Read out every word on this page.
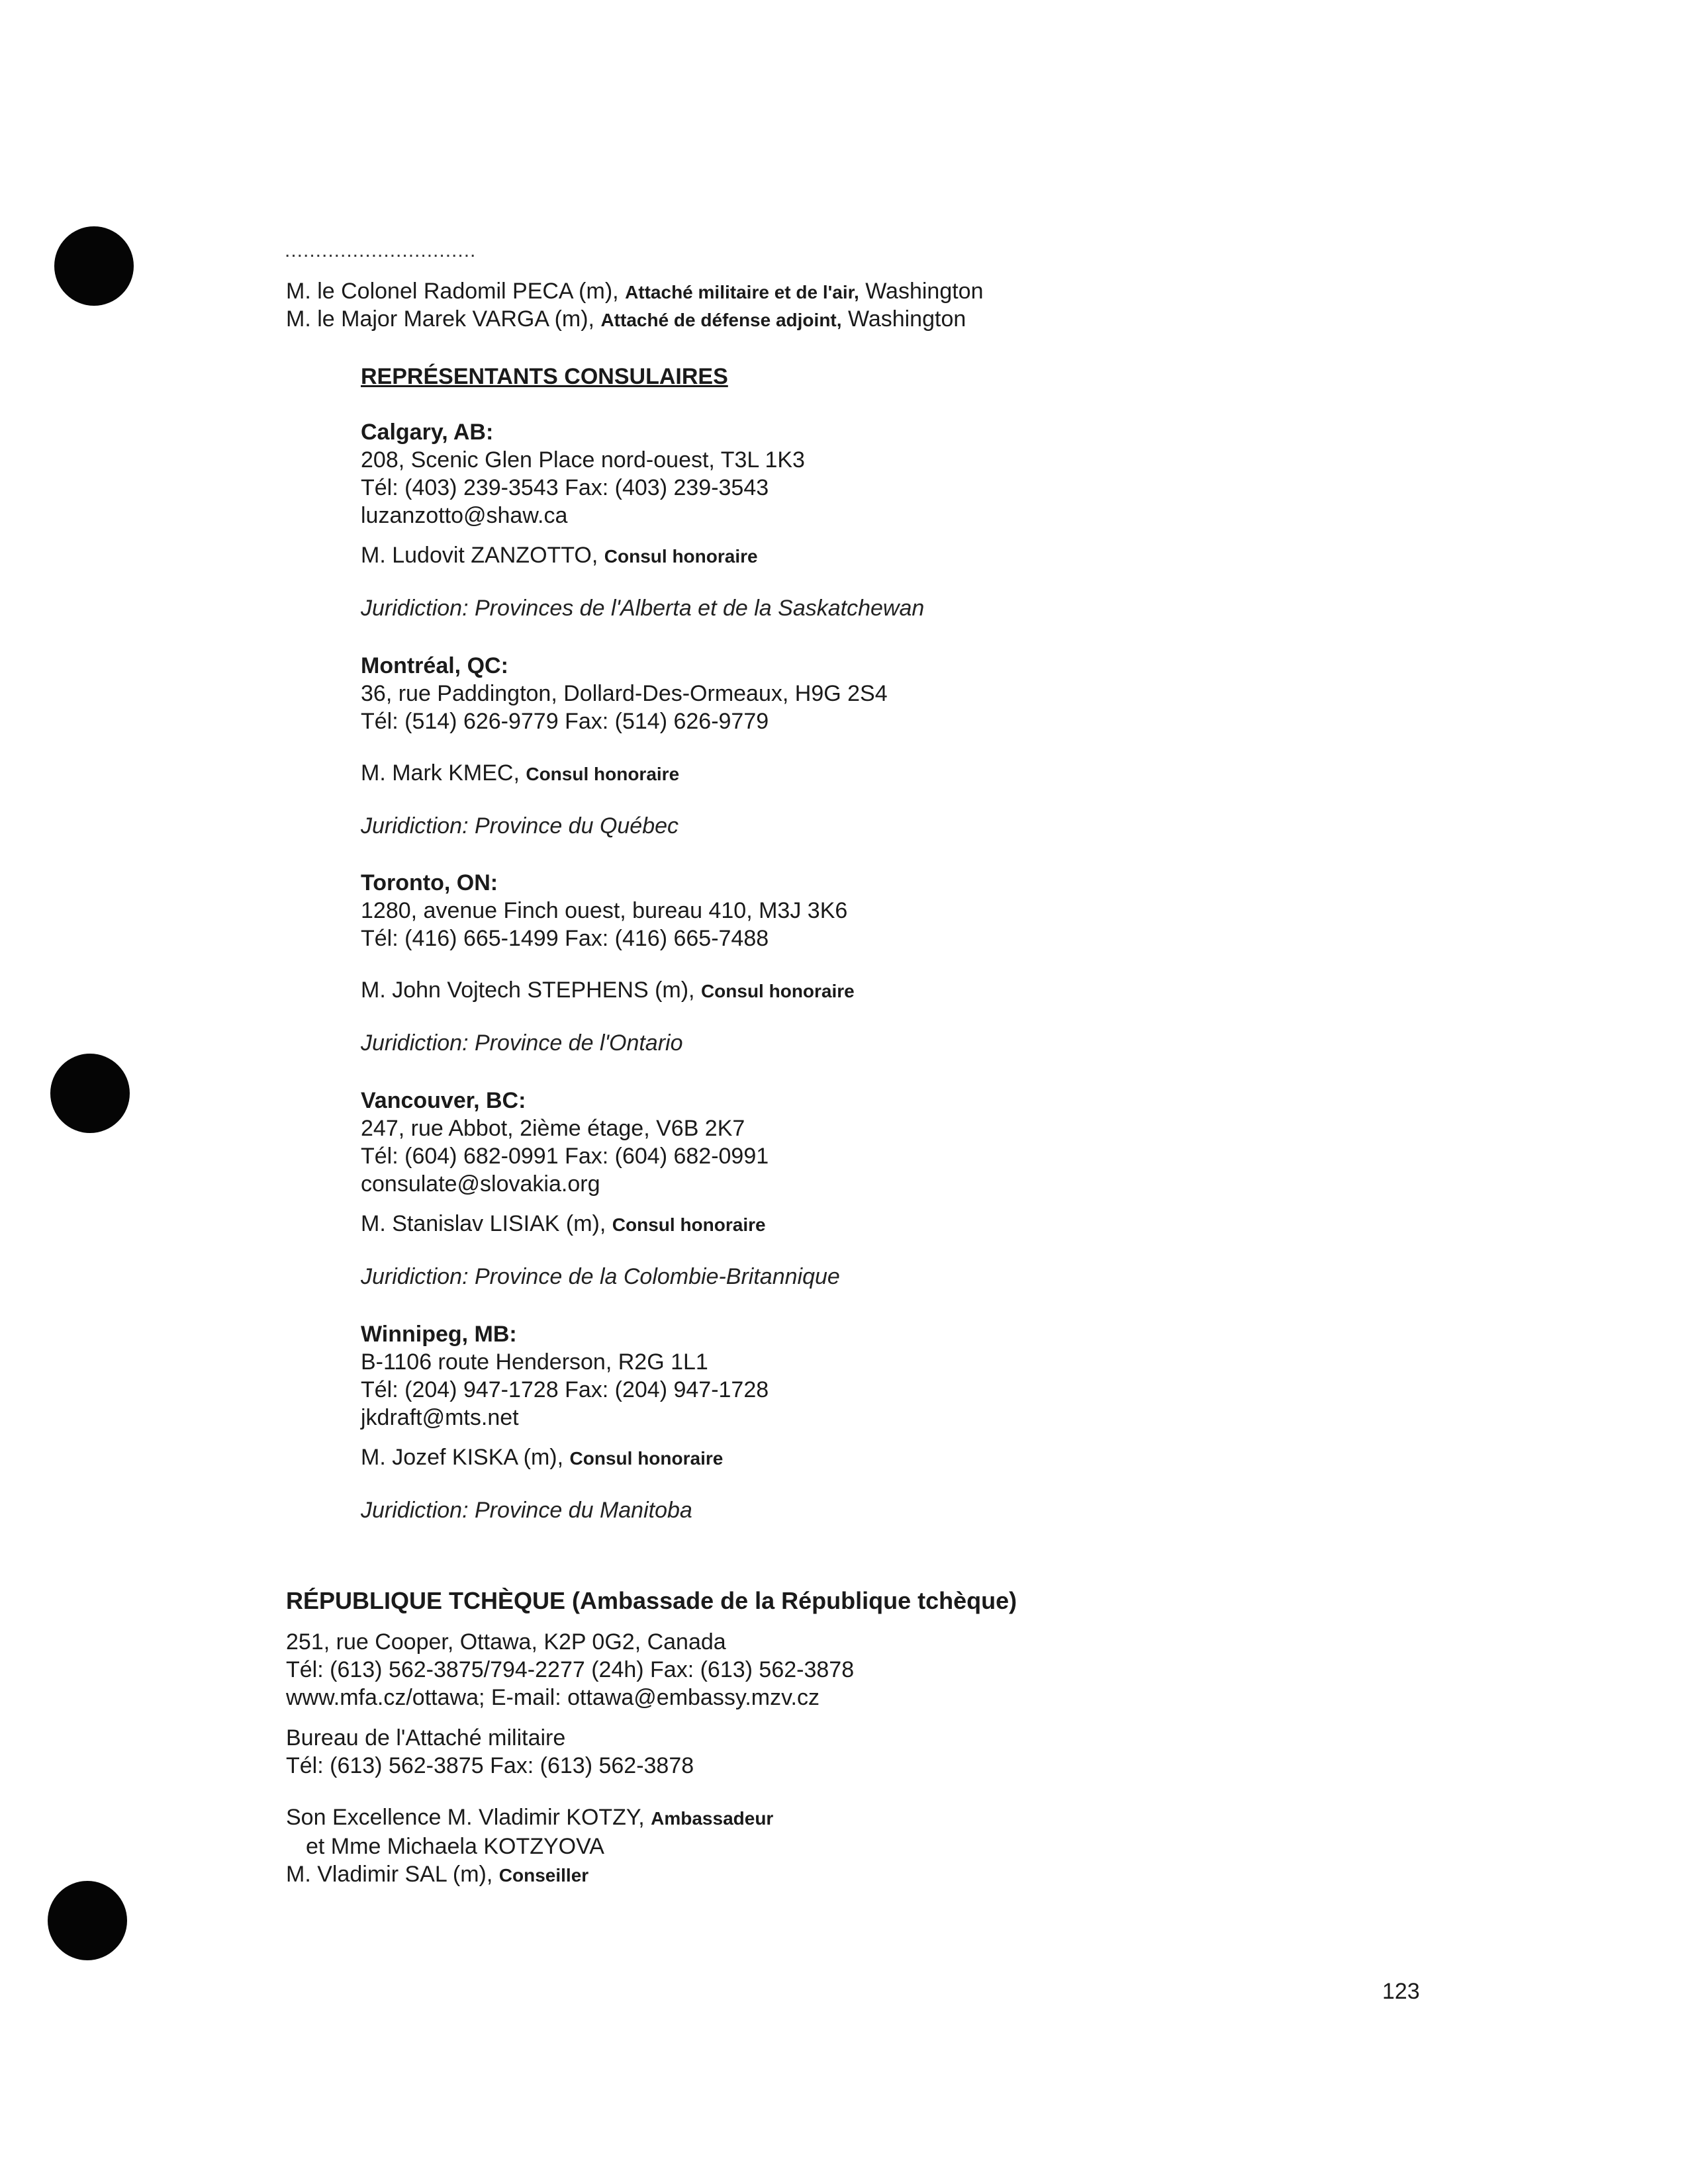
...............................
M. le Colonel Radomil PECA (m), Attaché militaire et de l'air, Washington
M. le Major Marek VARGA (m), Attaché de défense adjoint, Washington
REPRÉSENTANTS CONSULAIRES
Calgary, AB:
208, Scenic Glen Place nord-ouest, T3L 1K3
Tél: (403) 239-3543 Fax: (403) 239-3543
luzanzotto@shaw.ca
M. Ludovit ZANZOTTO, Consul honoraire
Juridiction: Provinces de l'Alberta et de la Saskatchewan
Montréal, QC:
36, rue Paddington, Dollard-Des-Ormeaux, H9G 2S4
Tél: (514) 626-9779 Fax: (514) 626-9779
M. Mark KMEC, Consul honoraire
Juridiction: Province du Québec
Toronto, ON:
1280, avenue Finch ouest, bureau 410, M3J 3K6
Tél: (416) 665-1499 Fax: (416) 665-7488
M. John Vojtech STEPHENS (m), Consul honoraire
Juridiction: Province de l'Ontario
Vancouver, BC:
247, rue Abbot, 2ième étage, V6B 2K7
Tél: (604) 682-0991 Fax: (604) 682-0991
consulate@slovakia.org
M. Stanislav LISIAK (m), Consul honoraire
Juridiction: Province de la Colombie-Britannique
Winnipeg, MB:
B-1106 route Henderson, R2G 1L1
Tél: (204) 947-1728 Fax: (204) 947-1728
jkdraft@mts.net
M. Jozef KISKA (m), Consul honoraire
Juridiction: Province du Manitoba
RÉPUBLIQUE TCHÈQUE (Ambassade de la République tchèque)
251, rue Cooper, Ottawa, K2P 0G2, Canada
Tél: (613) 562-3875/794-2277 (24h) Fax: (613) 562-3878
www.mfa.cz/ottawa; E-mail: ottawa@embassy.mzv.cz
Bureau de l'Attaché militaire
Tél: (613) 562-3875 Fax: (613) 562-3878
Son Excellence M. Vladimir KOTZY, Ambassadeur
et Mme Michaela KOTZYOVA
M. Vladimir SAL (m), Conseiller
123
